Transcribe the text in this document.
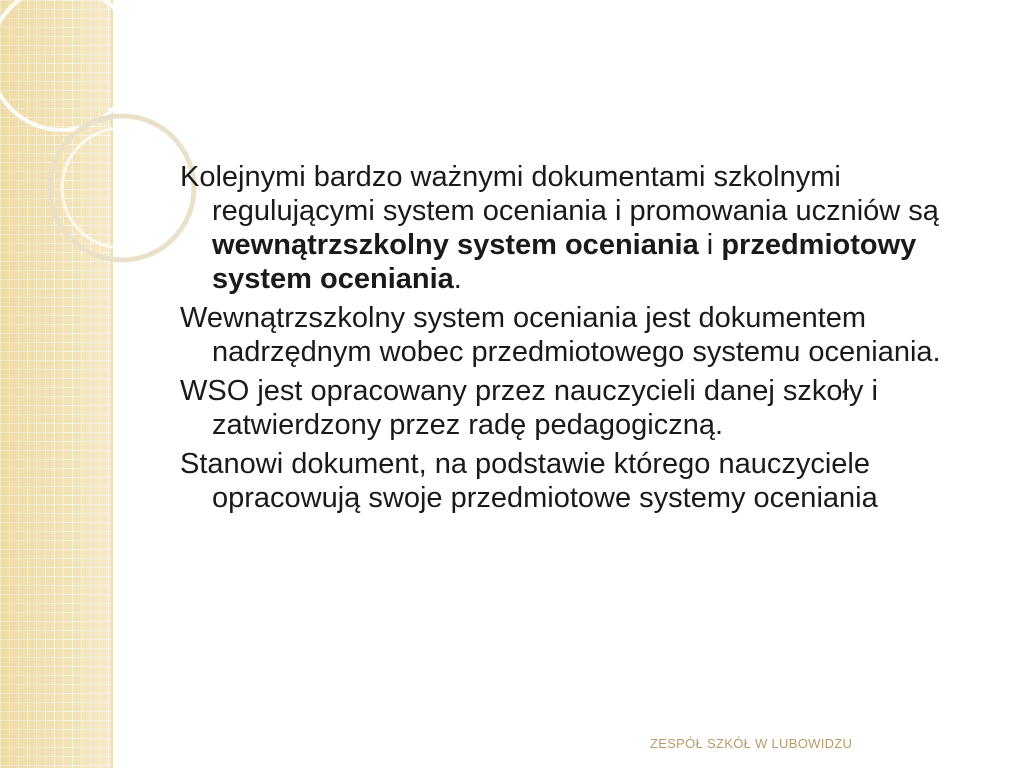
Kolejnymi bardzo ważnymi dokumentami szkolnymi regulującymi system oceniania i promowania uczniów są wewnątrzszkolny system oceniania i przedmiotowy system oceniania.

Wewnątrzszkolny system oceniania jest dokumentem nadrzędnym wobec przedmiotowego systemu oceniania.

WSO jest opracowany przez nauczycieli danej szkoły i zatwierdzony przez radę pedagogiczną.

Stanowi dokument, na podstawie którego nauczyciele opracowują swoje przedmiotowe systemy oceniania

ZESPÓŁ SZKÓŁ W LUBOWIDZU
